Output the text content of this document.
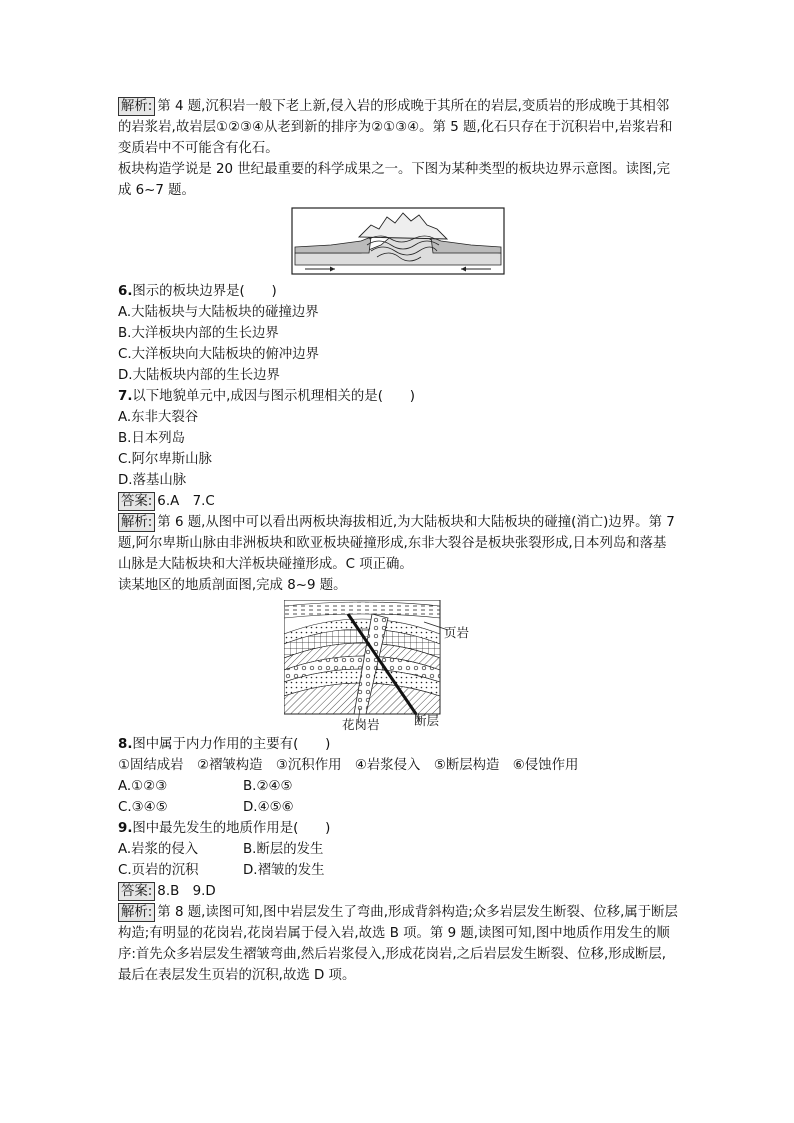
解析: 第 4 题,沉积岩一般下老上新,侵入岩的形成晚于其所在的岩层,变质岩的形成晚于其相邻的岩浆岩,故岩层①②③④从老到新的排序为②①③④。第 5 题,化石只存在于沉积岩中,岩浆岩和变质岩中不可能含有化石。

板块构造学说是 20 世纪最重要的科学成果之一。下图为某种类型的板块边界示意图。读图,完成 6~7 题。

6.图示的板块边界是(　　)

A.大陆板块与大陆板块的碰撞边界

B.大洋板块内部的生长边界

C.大洋板块向大陆板块的俯冲边界

D.大陆板块内部的生长边界

7.以下地貌单元中,成因与图示机理相关的是(　　)

A.东非大裂谷

B.日本列岛

C.阿尔卑斯山脉

D.落基山脉

答案: 6.A　7.C

解析: 第 6 题,从图中可以看出两板块海拔相近,为大陆板块和大陆板块的碰撞(消亡)边界。第 7 题,阿尔卑斯山脉由非洲板块和欧亚板块碰撞形成,东非大裂谷是板块张裂形成,日本列岛和落基山脉是大陆板块和大洋板块碰撞形成。C 项正确。

读某地区的地质剖面图,完成 8~9 题。

页岩
花岗岩	断层

8.图中属于内力作用的主要有(　　)

①固结成岩　②褶皱构造　③沉积作用　④岩浆侵入　⑤断层构造　⑥侵蚀作用

A.①②③	B.②④⑤

C.③④⑤	D.④⑤⑥

9.图中最先发生的地质作用是(　　)

A.岩浆的侵入	B.断层的发生

C.页岩的沉积	D.褶皱的发生

答案: 8.B　9.D

解析: 第 8 题,读图可知,图中岩层发生了弯曲,形成背斜构造;众多岩层发生断裂、位移,属于断层构造;有明显的花岗岩,花岗岩属于侵入岩,故选 B 项。第 9 题,读图可知,图中地质作用发生的顺序:首先众多岩层发生褶皱弯曲,然后岩浆侵入,形成花岗岩,之后岩层发生断裂、位移,形成断层,最后在表层发生页岩的沉积,故选 D 项。
